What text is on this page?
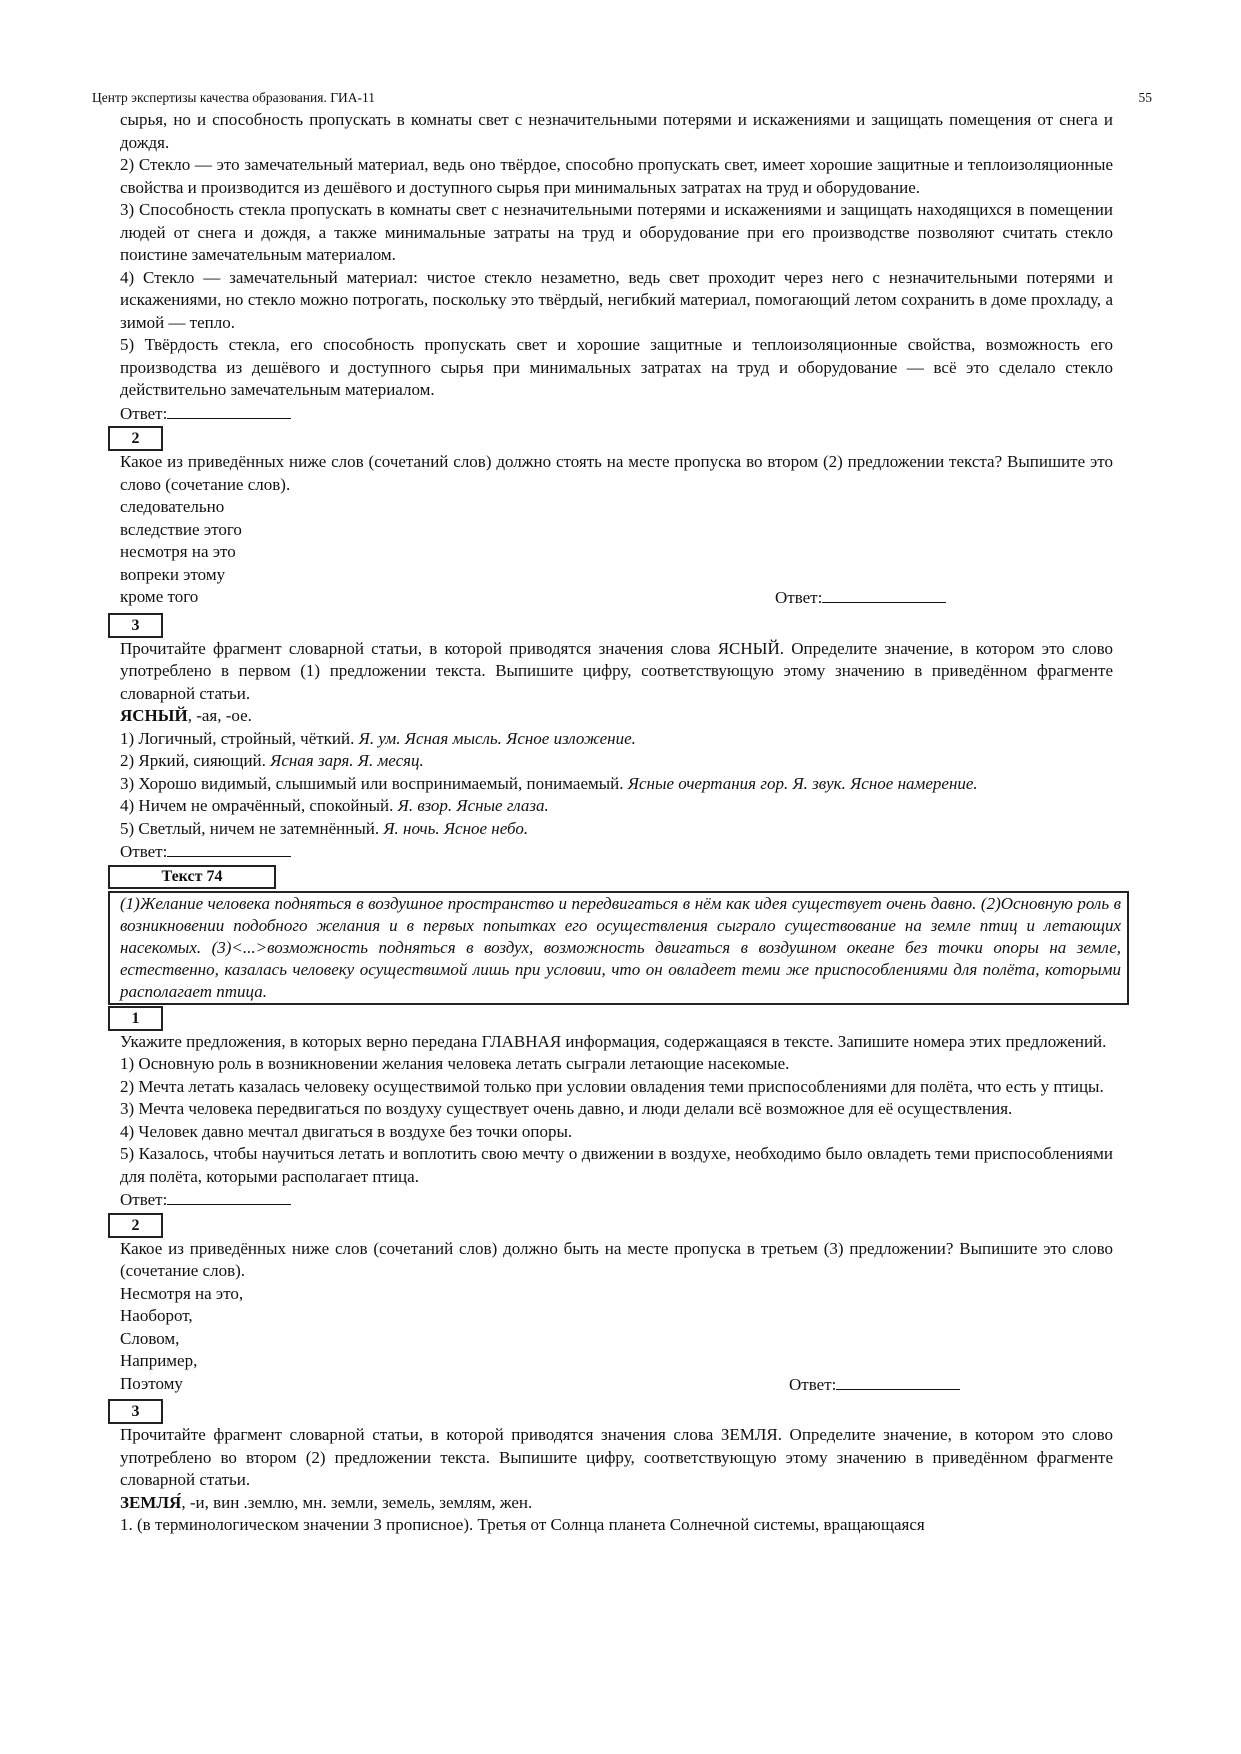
Центр экспертизы качества образования. ГИА-11	55
сырья, но и способность пропускать в комнаты свет с незначительными потерями и искажениями и защищать помещения от снега и дождя.
2) Стекло — это замечательный материал, ведь оно твёрдое, способно пропускать свет, имеет хорошие защитные и теплоизоляционные свойства и производится из дешёвого и доступного сырья при минимальных затратах на труд и оборудование.
3) Способность стекла пропускать в комнаты свет с незначительными потерями и искажениями и защищать находящихся в помещении людей от снега и дождя, а также минимальные затраты на труд и оборудование при его производстве позволяют считать стекло поистине замечательным материалом.
4) Стекло — замечательный материал: чистое стекло незаметно, ведь свет проходит через него с незначительными потерями и искажениями, но стекло можно потрогать, поскольку это твёрдый, негибкий материал, помогающий летом сохранить в доме прохладу, а зимой — тепло.
5) Твёрдость стекла, его способность пропускать свет и хорошие защитные и теплоизоляционные свойства, возможность его производства из дешёвого и доступного сырья при минимальных затратах на труд и оборудование — всё это сделало стекло действительно замечательным материалом.
Ответ:
2
Какое из приведённых ниже слов (сочетаний слов) должно стоять на месте пропуска во втором (2) предложении текста? Выпишите это слово (сочетание слов).
следовательно
вследствие этого
несмотря на это
вопреки этому
кроме того	Ответ:
3
Прочитайте фрагмент словарной статьи, в которой приводятся значения слова ЯСНЫЙ. Определите значение, в котором это слово употреблено в первом (1) предложении текста. Выпишите цифру, соответствующую этому значению в приведённом фрагменте словарной статьи.
ЯСНЫЙ, -ая, -ое.
1) Логичный, стройный, чёткий. Я. ум. Ясная мысль. Ясное изложение.
2) Яркий, сияющий. Ясная заря. Я. месяц.
3) Хорошо видимый, слышимый или воспринимаемый, понимаемый. Ясные очертания гор. Я. звук. Ясное намерение.
4) Ничем не омрачённый, спокойный. Я. взор. Ясные глаза.
5) Светлый, ничем не затемнённый. Я. ночь. Ясное небо.
Ответ:
Текст 74
(1)Желание человека подняться в воздушное пространство и передвигаться в нём как идея существует очень давно. (2)Основную роль в возникновении подобного желания и в первых попытках его осуществления сыграло существование на земле птиц и летающих насекомых. (3)<...>возможность подняться в воздух, возможность двигаться в воздушном океане без точки опоры на земле, естественно, казалась человеку осуществимой лишь при условии, что он овладеет теми же приспособлениями для полёта, которыми располагает птица.
1
Укажите предложения, в которых верно передана ГЛАВНАЯ информация, содержащаяся в тексте. Запишите номера этих предложений.
1) Основную роль в возникновении желания человека летать сыграли летающие насекомые.
2) Мечта летать казалась человеку осуществимой только при условии овладения теми приспособлениями для полёта, что есть у птицы.
3) Мечта человека передвигаться по воздуху существует очень давно, и люди делали всё возможное для её осуществления.
4) Человек давно мечтал двигаться в воздухе без точки опоры.
5) Казалось, чтобы научиться летать и воплотить свою мечту о движении в воздухе, необходимо было овладеть теми приспособлениями для полёта, которыми располагает птица.
Ответ:
2
Какое из приведённых ниже слов (сочетаний слов) должно быть на месте пропуска в третьем (3) предложении? Выпишите это слово (сочетание слов).
Несмотря на это,
Наоборот,
Словом,
Например,
Поэтому	Ответ:
3
Прочитайте фрагмент словарной статьи, в которой приводятся значения слова ЗЕМЛЯ. Определите значение, в котором это слово употреблено во втором (2) предложении текста. Выпишите цифру, соответствующую этому значению в приведённом фрагменте словарной статьи.
ЗЕМЛЯ́, -и, вин .землю, мн. земли, земель, землям, жен.
1. (в терминологическом значении З прописное). Третья от Солнца планета Солнечной системы, вращающаяся
